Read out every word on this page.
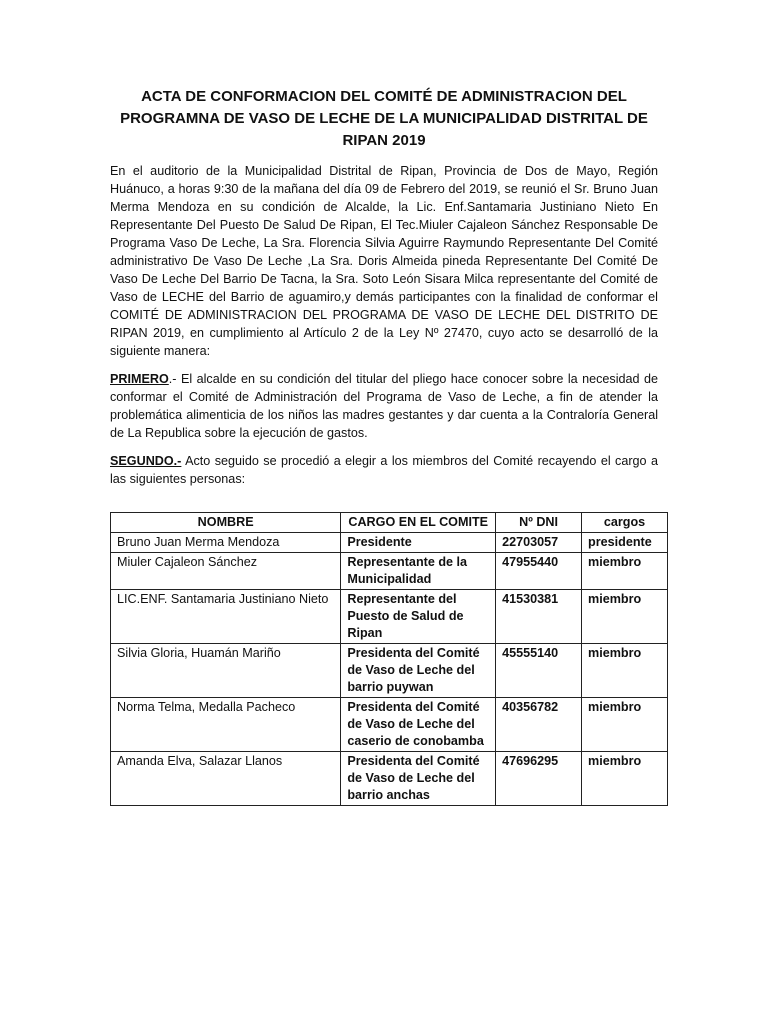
ACTA DE CONFORMACION DEL COMITÉ DE ADMINISTRACION DEL PROGRAMNA DE VASO DE LECHE DE LA MUNICIPALIDAD DISTRITAL DE RIPAN 2019

En el auditorio de la Municipalidad Distrital de Ripan, Provincia de Dos de Mayo, Región Huánuco, a horas 9:30 de la mañana del día 09 de Febrero del 2019, se reunió el Sr. Bruno Juan Merma Mendoza en su condición de Alcalde, la Lic. Enf.Santamaria Justiniano Nieto En Representante Del Puesto De Salud De Ripan, El Tec.Miuler Cajaleon Sánchez Responsable De Programa Vaso De Leche, La Sra. Florencia Silvia Aguirre Raymundo Representante Del Comité administrativo De Vaso De Leche ,La Sra. Doris Almeida pineda Representante Del Comité De Vaso De Leche Del Barrio De Tacna, la Sra. Soto León Sisara Milca representante del Comité de Vaso de LECHE del Barrio de aguamiro,y demás participantes con la finalidad de conformar el COMITÉ DE ADMINISTRACION DEL PROGRAMA DE VASO DE LECHE DEL DISTRITO DE RIPAN 2019, en cumplimiento al Artículo 2 de la Ley Nº 27470, cuyo acto se desarrolló de la siguiente manera:

PRIMERO.- El alcalde en su condición del titular del pliego hace conocer sobre la necesidad de conformar el Comité de Administración del Programa de Vaso de Leche, a fin de atender la problemática alimenticia de los niños las madres gestantes y dar cuenta a la Contraloría General de La Republica sobre la ejecución de gastos.

SEGUNDO.- Acto seguido se procedió a elegir a los miembros del Comité recayendo el cargo a las siguientes personas:

NOMBRE	CARGO EN EL COMITE	Nº DNI	cargos
Bruno Juan Merma Mendoza	Presidente	22703057	presidente
Miuler Cajaleon Sánchez	Representante de la Municipalidad	47955440	miembro
LIC.ENF. Santamaria Justiniano Nieto	Representante del Puesto de Salud de Ripan	41530381	miembro
Silvia Gloria, Huamán Mariño	Presidenta del Comité de Vaso de Leche del barrio puywan	45555140	miembro
Norma Telma, Medalla Pacheco	Presidenta del Comité de Vaso de Leche del caserio de conobamba	40356782	miembro
Amanda Elva, Salazar Llanos	Presidenta del Comité de Vaso de Leche del barrio anchas	47696295	miembro
